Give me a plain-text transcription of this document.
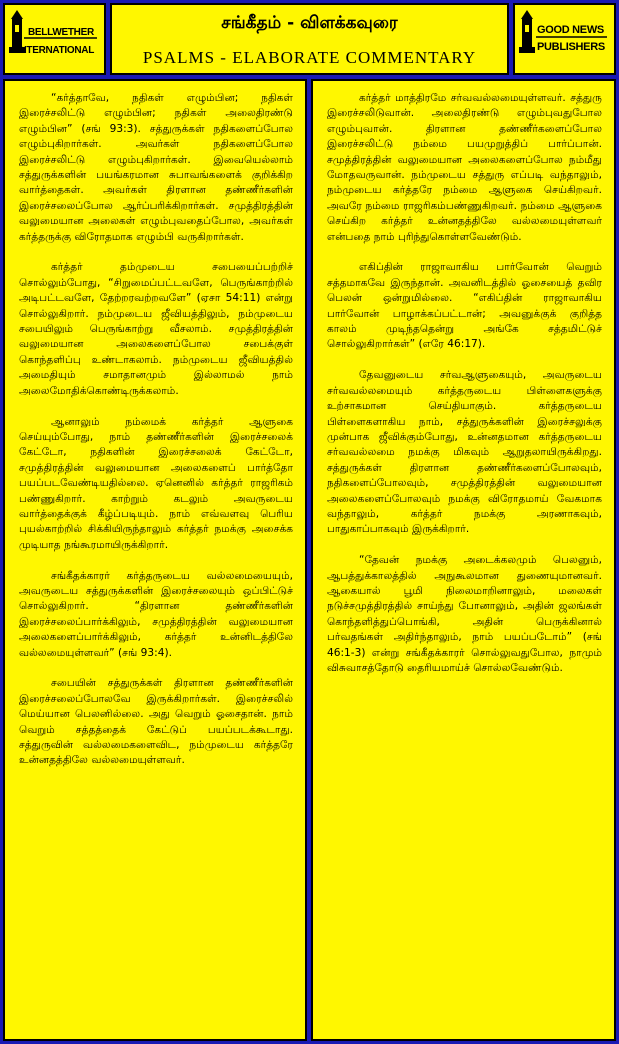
BELLWETHER
INTERNATIONAL
சங்கீதம் - விளக்கவுரை
PSALMS - ELABORATE COMMENTARY
GOOD NEWS
PUBLISHERS

“கர்த்தாவே, நதிகள் எழும்பின; நதிகள் இரைச்சலிட்டு எழும்பின; நதிகள் அலைதிரண்டு எழும்பின” (சங் 93:3). சத்துருக்கள் நதிகளைப்போல எழும்புகிறார்கள். அவர்கள் நதிகளைப்போல இரைச்சலிட்டு எழும்புகிறார்கள். இவையெல்லாம் சத்துருக்களின் பயங்கரமான சுபாவங்களைக் குறிக்கிற வார்த்தைகள். அவர்கள் திரளான தண்ணீர்களின் இரைச்சலைப்போல ஆர்ப்பரிக்கிறார்கள். சமுத்திரத்தின் வலுமையான அலைகள் எழும்புவதைப்போல, அவர்கள் கர்த்தருக்கு விரோதமாக எழும்பி வருகிறார்கள்.

கர்த்தர் தம்முடைய சபையைப்பற்றிச் சொல்லும்போது, “சிறுமைப்பட்டவளே, பெருங்காற்றில் அடிபட்டவளே, தேற்றரவற்றவளே” (ஏசா 54:11) என்று சொல்லுகிறார். நம்முடைய ஜீவியத்திலும், நம்முடைய சபையிலும் பெருங்காற்று வீசலாம். சமுத்திரத்தின் வலுமையான அலைகளைப்போல சபைக்குள் கொந்தளிப்பு உண்டாகலாம். நம்முடைய ஜீவியத்தில் அமைதியும் சமாதானமும் இல்லாமல் நாம் அலைமோதிக்கொண்டிருக்கலாம்.

ஆனாலும் நம்மைக் கர்த்தர் ஆளுகை செய்யும்போது, நாம் தண்ணீர்களின் இரைச்சலைக் கேட்டோ, நதிகளின் இரைச்சலைக் கேட்டோ, சமுத்திரத்தின் வலுமையான அலைகளைப் பார்த்தோ பயப்படவேண்டியதில்லை. ஏனெனில் கர்த்தர் ராஜரிகம் பண்ணுகிறார். காற்றும் கடலும் அவருடைய வார்த்தைக்குக் கீழ்ப்படியும். நாம் எவ்வளவு பெரிய புயல்காற்றில் சிக்கியிருந்தாலும் கர்த்தர் நமக்கு அசைக்க முடியாத நங்கூரமாயிருக்கிறார்.

சங்கீதக்காரர் கர்த்தருடைய வல்லமையையும், அவருடைய சத்துருக்களின் இரைச்சலையும் ஒப்பிட்டுச் சொல்லுகிறார். “திரளான தண்ணீர்களின் இரைச்சலைப்பார்க்கிலும், சமுத்திரத்தின் வலுமையான அலைகளைப்பார்க்கிலும், கர்த்தர் உன்னிடத்திலே வல்லமையுள்ளவர்” (சங் 93:4).

சபையின் சத்துருக்கள் திரளான தண்ணீர்களின் இரைச்சலைப்போலவே இருக்கிறார்கள். இரைச்சலில் மெய்யான பெலனில்லை. அது வெறும் ஓசைதான். நாம் வெறும் சத்தத்தைக் கேட்டுப் பயப்படக்கூடாது. சத்துருவின் வல்லமைகளைவிட, நம்முடைய கர்த்தரே உன்னதத்திலே வல்லமையுள்ளவர்.

கர்த்தர் மாத்திரமே சர்வவல்லமையுள்ளவர். சத்துரு இரைச்சலிடுவான். அலைதிரண்டு எழும்புவதுபோல எழும்புவான். திரளான தண்ணீர்களைப்போல இரைச்சலிட்டு நம்மை பயமுறுத்திப் பார்ப்பான். சமுத்திரத்தின் வலுமையான அலைகளைப்போல நம்மீது மோதவருவான். நம்முடைய சத்துரு எப்படி வந்தாலும், நம்முடைய கர்த்தரே நம்மை ஆளுகை செய்கிறவர். அவரே நம்மை ராஜரிகம்பண்ணுகிறவர். நம்மை ஆளுகை செய்கிற கர்த்தர் உன்னதத்திலே வல்லமையுள்ளவர் என்பதை நாம் புரிந்துகொள்ளவேண்டும்.

எகிப்தின் ராஜாவாகிய பார்வோன் வெறும் சத்தமாகவே இருந்தான். அவனிடத்தில் ஓசையைத் தவிர பெலன் ஒன்றுமில்லை. “எகிப்தின் ராஜாவாகிய பார்வோன் பாழாக்கப்பட்டான்; அவனுக்குக் குறித்த காலம் முடிந்ததென்று அங்கே சத்தமிட்டுச் சொல்லுகிறார்கள்” (எரே 46:17).

தேவனுடைய சர்வஆளுகையும், அவருடைய சர்வவல்லமையும் கர்த்தருடைய பிள்ளைகளுக்கு உற்சாகமான செய்தியாகும். கர்த்தருடைய பிள்ளைகளாகிய நாம், சத்துருக்களின் இரைச்சலுக்கு முன்பாக ஜீவிக்கும்போது, உன்னதமான கர்த்தருடைய சர்வவல்லமை நமக்கு மிகவும் ஆறுதலாயிருக்கிறது. சத்துருக்கள் திரளான தண்ணீர்களைப்போலவும், நதிகளைப்போலவும், சமுத்திரத்தின் வலுமையான அலைகளைப்போலவும் நமக்கு விரோதமாய் வேகமாக வந்தாலும், கர்த்தர் நமக்கு அரணாகவும், பாதுகாப்பாகவும் இருக்கிறார்.

“தேவன் நமக்கு அடைக்கலமும் பெலனும், ஆபத்துக்காலத்தில் அநுகூலமான துணையுமானவர். ஆகையால் பூமி நிலைமாறினாலும், மலைகள் நடுச்சமுத்திரத்தில் சாய்ந்து போனாலும், அதின் ஜலங்கள் கொந்தளித்துப்பொங்கி, அதின் பெருக்கினால் பர்வதங்கள் அதிர்ந்தாலும், நாம் பயப்படோம்” (சங் 46:1-3) என்று சங்கீதக்காரர் சொல்லுவதுபோல, நாமும் விசுவாசத்தோடு தைரியமாய்ச் சொல்லவேண்டும்.
